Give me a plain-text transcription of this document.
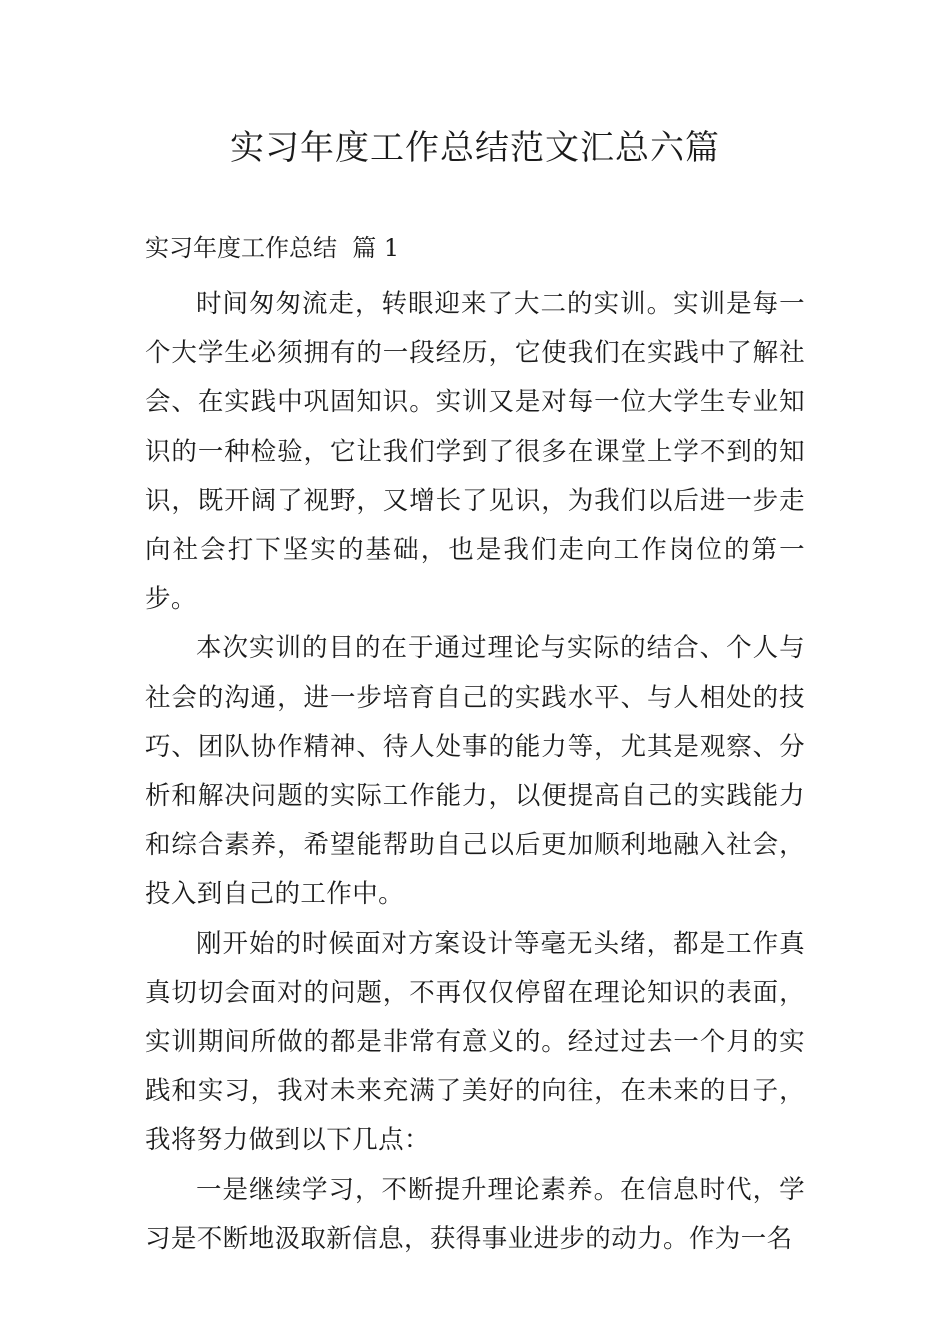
实习年度工作总结范文汇总六篇

实习年度工作总结  篇 1

时间匆匆流走，转眼迎来了大二的实训。实训是每一个大学生必须拥有的一段经历，它使我们在实践中了解社会、在实践中巩固知识。实训又是对每一位大学生专业知识的一种检验，它让我们学到了很多在课堂上学不到的知识，既开阔了视野，又增长了见识，为我们以后进一步走向社会打下坚实的基础，也是我们走向工作岗位的第一步。

本次实训的目的在于通过理论与实际的结合、个人与社会的沟通，进一步培育自己的实践水平、与人相处的技巧、团队协作精神、待人处事的能力等，尤其是观察、分析和解决问题的实际工作能力，以便提高自己的实践能力和综合素养，希望能帮助自己以后更加顺利地融入社会，投入到自己的工作中。

刚开始的时候面对方案设计等毫无头绪，都是工作真真切切会面对的问题，不再仅仅停留在理论知识的表面，实训期间所做的都是非常有意义的。经过过去一个月的实践和实习，我对未来充满了美好的向往，在未来的日子，我将努力做到以下几点：

一是继续学习，不断提升理论素养。在信息时代，学习是不断地汲取新信息，获得事业进步的动力。作为一名
